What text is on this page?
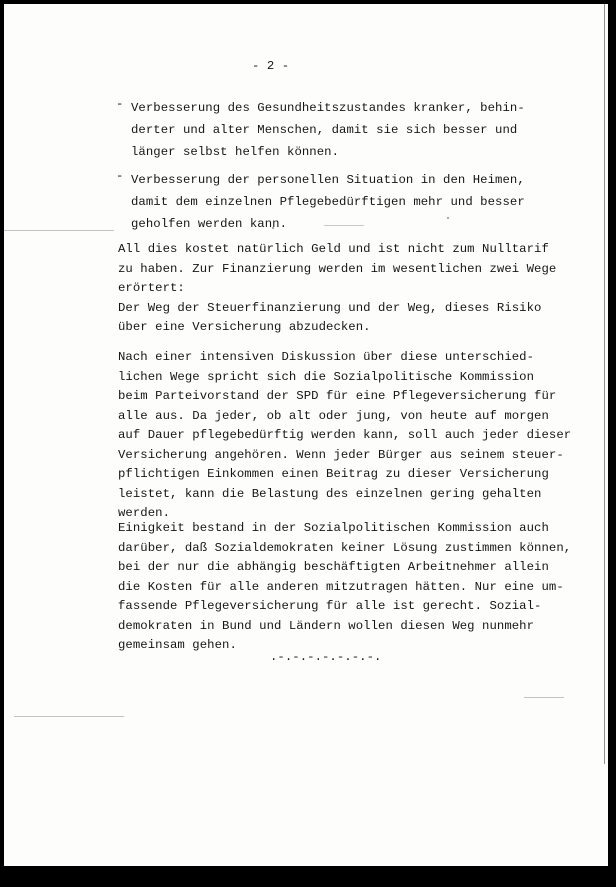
- 2 -
- Verbesserung des Gesundheitszustandes kranker, behin-
derter und alter Menschen, damit sie sich besser und
länger selbst helfen können.
- Verbesserung der personellen Situation in den Heimen,
damit dem einzelnen Pflegebedürftigen mehr und besser
geholfen werden kann.
All dies kostet natürlich Geld und ist nicht zum Nulltarif
zu haben. Zur Finanzierung werden im wesentlichen zwei Wege
erörtert:
Der Weg der Steuerfinanzierung und der Weg, dieses Risiko
über eine Versicherung abzudecken.
Nach einer intensiven Diskussion über diese unterschied-
lichen Wege spricht sich die Sozialpolitische Kommission
beim Parteivorstand der SPD für eine Pflegeversicherung für
alle aus. Da jeder, ob alt oder jung, von heute auf morgen
auf Dauer pflegebedürftig werden kann, soll auch jeder dieser
Versicherung angehören. Wenn jeder Bürger aus seinem steuer-
pflichtigen Einkommen einen Beitrag zu dieser Versicherung
leistet, kann die Belastung des einzelnen gering gehalten
werden.
Einigkeit bestand in der Sozialpolitischen Kommission auch
darüber, daß Sozialdemokraten keiner Lösung zustimmen können,
bei der nur die abhängig beschäftigten Arbeitnehmer allein
die Kosten für alle anderen mitzutragen hätten. Nur eine um-
fassende Pflegeversicherung für alle ist gerecht. Sozial-
demokraten in Bund und Ländern wollen diesen Weg nunmehr
gemeinsam gehen.
.-.-.-.-.-.-.-.
